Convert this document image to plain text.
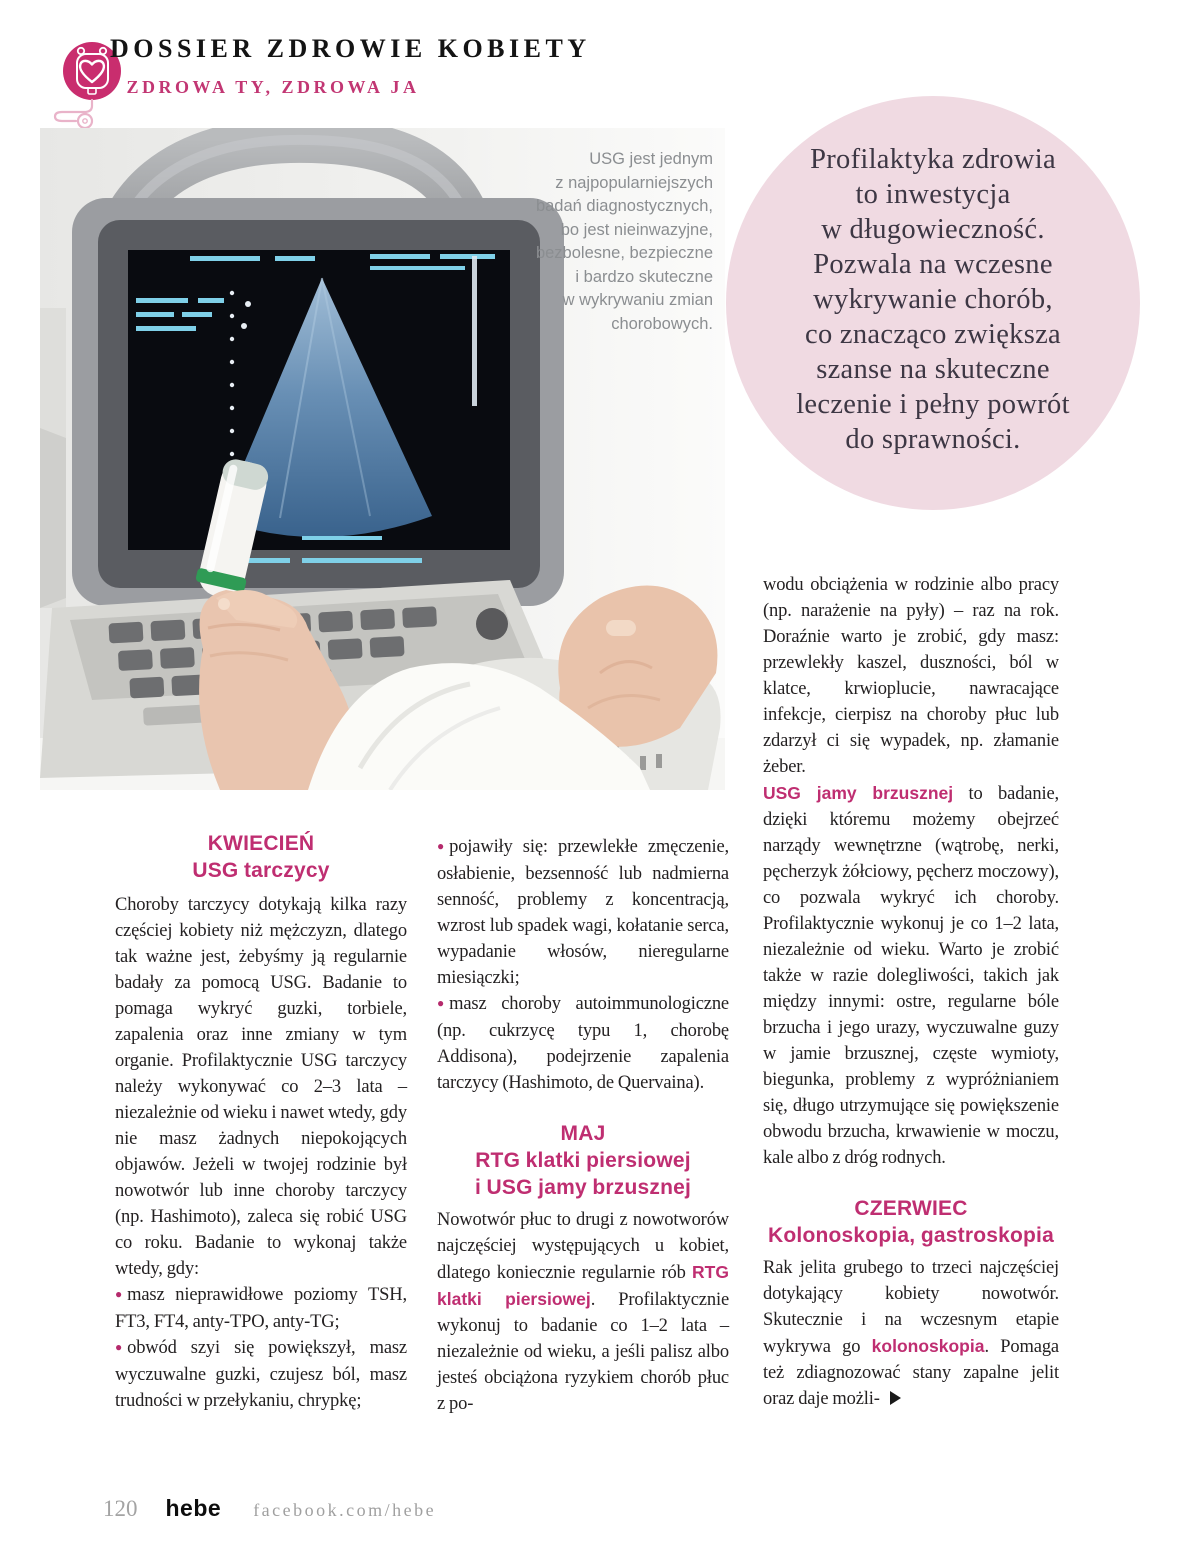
DOSSIER ZDROWIE KOBIETY
/ ZDROWA TY, ZDROWA JA
USG jest jednym
z najpopularniejszych
badań diagnostycznych,
bo jest nieinwazyjne,
bezbolesne, bezpieczne
i bardzo skuteczne
w wykrywaniu zmian
chorobowych.
Profilaktyka zdrowia
to inwestycja
w długowieczność.
Pozwala na wczesne
wykrywanie chorób,
co znacząco zwiększa
szanse na skuteczne
leczenie i pełny powrót
do sprawności.
KWIECIEŃ
USG tarczycy

Choroby tarczycy dotykają kilka razy częściej kobiety niż mężczyzn, dlatego tak ważne jest, żebyśmy ją regularnie badały za pomocą USG. Badanie to pomaga wykryć guzki, torbiele, zapalenia oraz inne zmiany w tym organie. Profilaktycznie USG tarczycy należy wykonywać co 2–3 lata – niezależnie od wieku i nawet wtedy, gdy nie masz żadnych niepokojących objawów. Jeżeli w twojej rodzinie był nowotwór lub inne choroby tarczycy (np. Hashimoto), zaleca się robić USG co roku. Badanie to wykonaj także wtedy, gdy:

● masz nieprawidłowe poziomy TSH, FT3, FT4, anty-TPO, anty-TG;

● obwód szyi się powiększył, masz wyczuwalne guzki, czujesz ból, masz trudności w przełykaniu, chrypkę;

● pojawiły się: przewlekłe zmęczenie, osłabienie, bezsenność lub nadmierna senność, problemy z koncentracją, wzrost lub spadek wagi, kołatanie serca, wypadanie włosów, nieregularne miesiączki;

● masz choroby autoimmunologiczne (np. cukrzycę typu 1, chorobę Addisona), podejrzenie zapalenia tarczycy (Hashimoto, de Quervaina).

MAJ
RTG klatki piersiowej
i USG jamy brzusznej

Nowotwór płuc to drugi z nowotworów najczęściej występujących u kobiet, dlatego koniecznie regularnie rób RTG klatki piersiowej. Profilaktycznie wykonuj to badanie co 1–2 lata – niezależnie od wieku, a jeśli palisz albo jesteś obciążona ryzykiem chorób płuc z po-

wodu obciążenia w rodzinie albo pracy (np. narażenie na pyły) – raz na rok. Doraźnie warto je zrobić, gdy masz: przewlekły kaszel, duszności, ból w klatce, krwioplucie, nawracające infekcje, cierpisz na choroby płuc lub zdarzył ci się wypadek, np. złamanie żeber.

USG jamy brzusznej to badanie, dzięki któremu możemy obejrzeć narządy wewnętrzne (wątrobę, nerki, pęcherzyk żółciowy, pęcherz moczowy), co pozwala wykryć ich choroby. Profilaktycznie wykonuj je co 1–2 lata, niezależnie od wieku. Warto je zrobić także w razie dolegliwości, takich jak między innymi: ostre, regularne bóle brzucha i jego urazy, wyczuwalne guzy w jamie brzusznej, częste wymioty, biegunka, problemy z wypróżnianiem się, długo utrzymujące się powiększenie obwodu brzucha, krwawienie w moczu, kale albo z dróg rodnych.

CZERWIEC
Kolonoskopia, gastroskopia

Rak jelita grubego to trzeci najczęściej dotykający kobiety nowotwór. Skutecznie i na wczesnym etapie wykrywa go kolonoskopia. Pomaga też zdiagnozować stany zapalne jelit oraz daje możli-

120 hebe facebook.com/hebe
